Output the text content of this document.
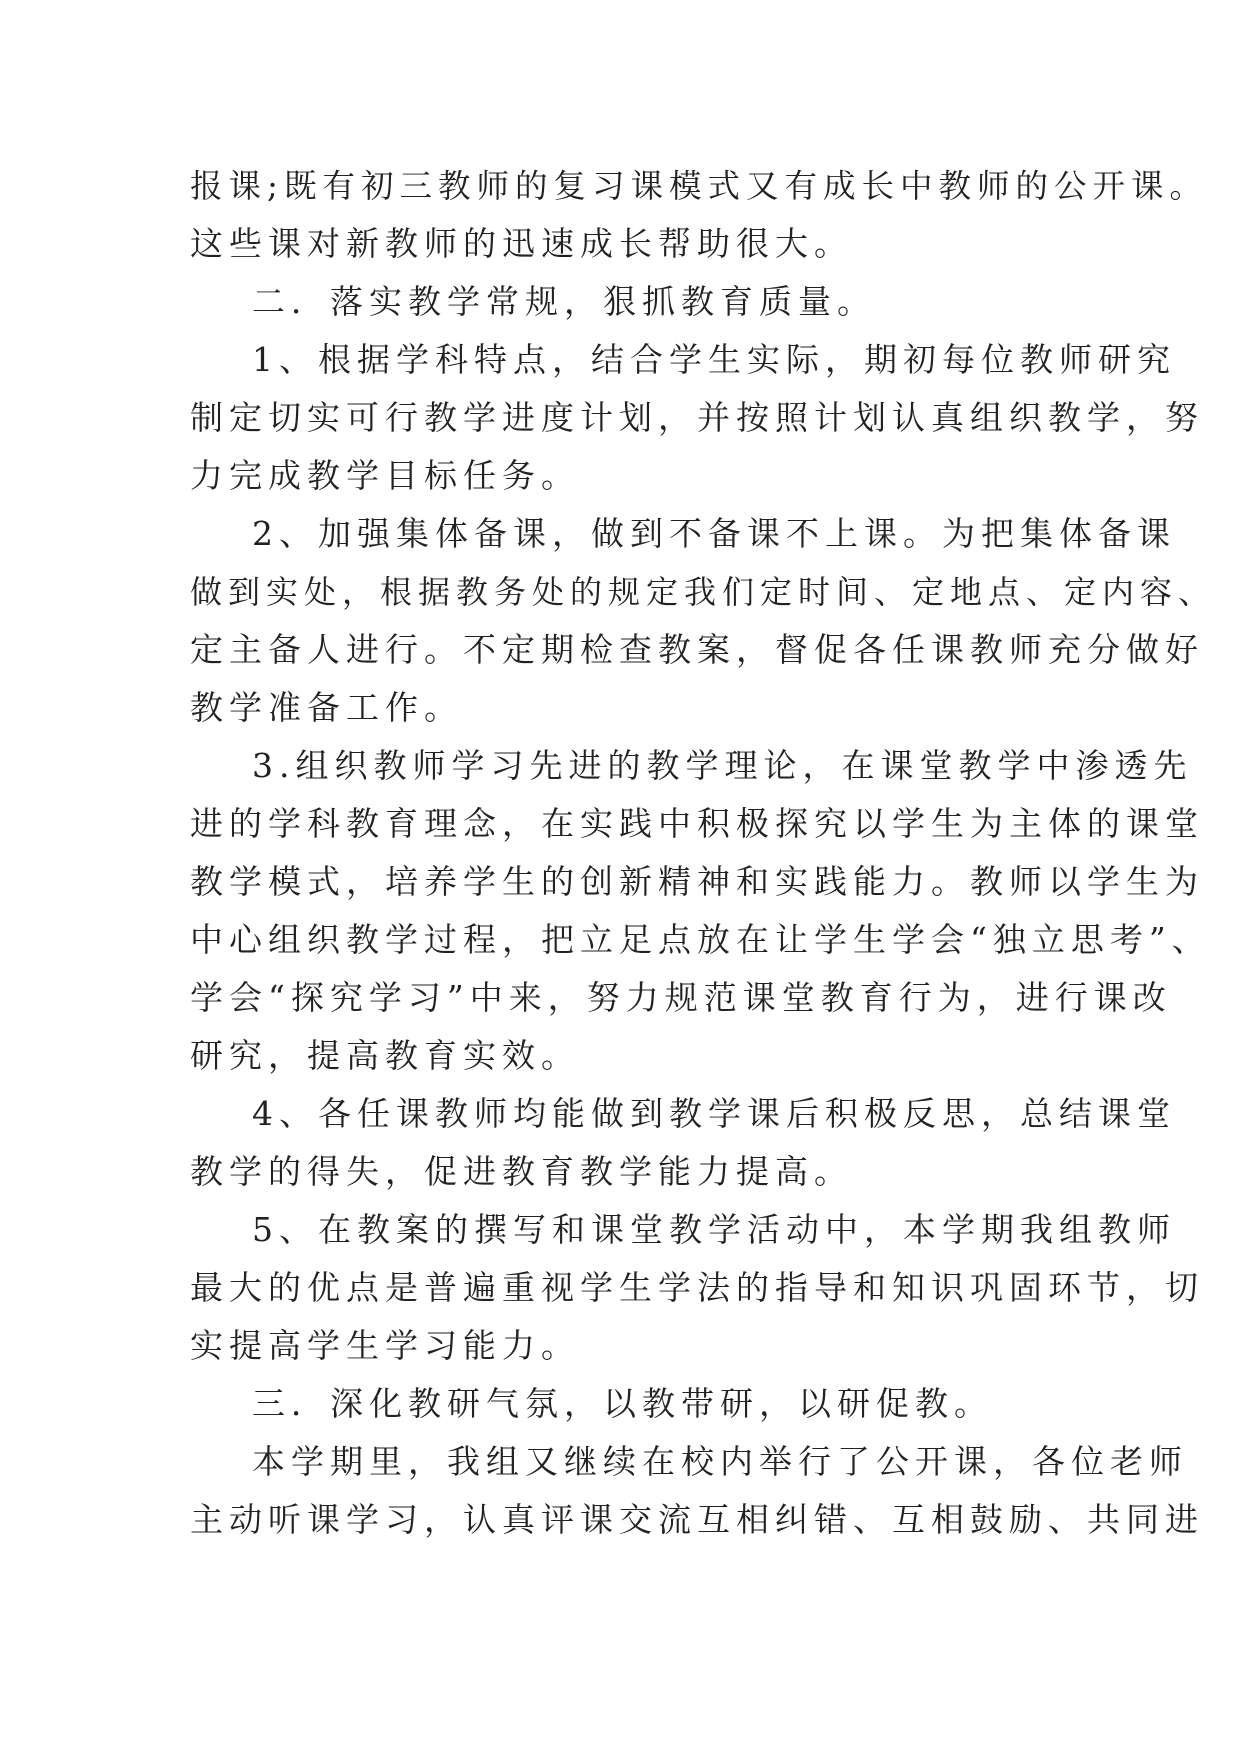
报课;既有初三教师的复习课模式又有成长中教师的公开课。
这些课对新教师的迅速成长帮助很大。
二．落实教学常规，狠抓教育质量。
1、根据学科特点，结合学生实际，期初每位教师研究
制定切实可行教学进度计划，并按照计划认真组织教学，努
力完成教学目标任务。
2、加强集体备课，做到不备课不上课。为把集体备课
做到实处，根据教务处的规定我们定时间、定地点、定内容、
定主备人进行。不定期检查教案，督促各任课教师充分做好
教学准备工作。
3.组织教师学习先进的教学理论，在课堂教学中渗透先
进的学科教育理念，在实践中积极探究以学生为主体的课堂
教学模式，培养学生的创新精神和实践能力。教师以学生为
中心组织教学过程，把立足点放在让学生学会“独立思考”、
学会“探究学习”中来，努力规范课堂教育行为，进行课改
研究，提高教育实效。
4、各任课教师均能做到教学课后积极反思，总结课堂
教学的得失，促进教育教学能力提高。
5、在教案的撰写和课堂教学活动中，本学期我组教师
最大的优点是普遍重视学生学法的指导和知识巩固环节，切
实提高学生学习能力。
三．深化教研气氛，以教带研，以研促教。
本学期里，我组又继续在校内举行了公开课，各位老师
主动听课学习，认真评课交流互相纠错、互相鼓励、共同进
